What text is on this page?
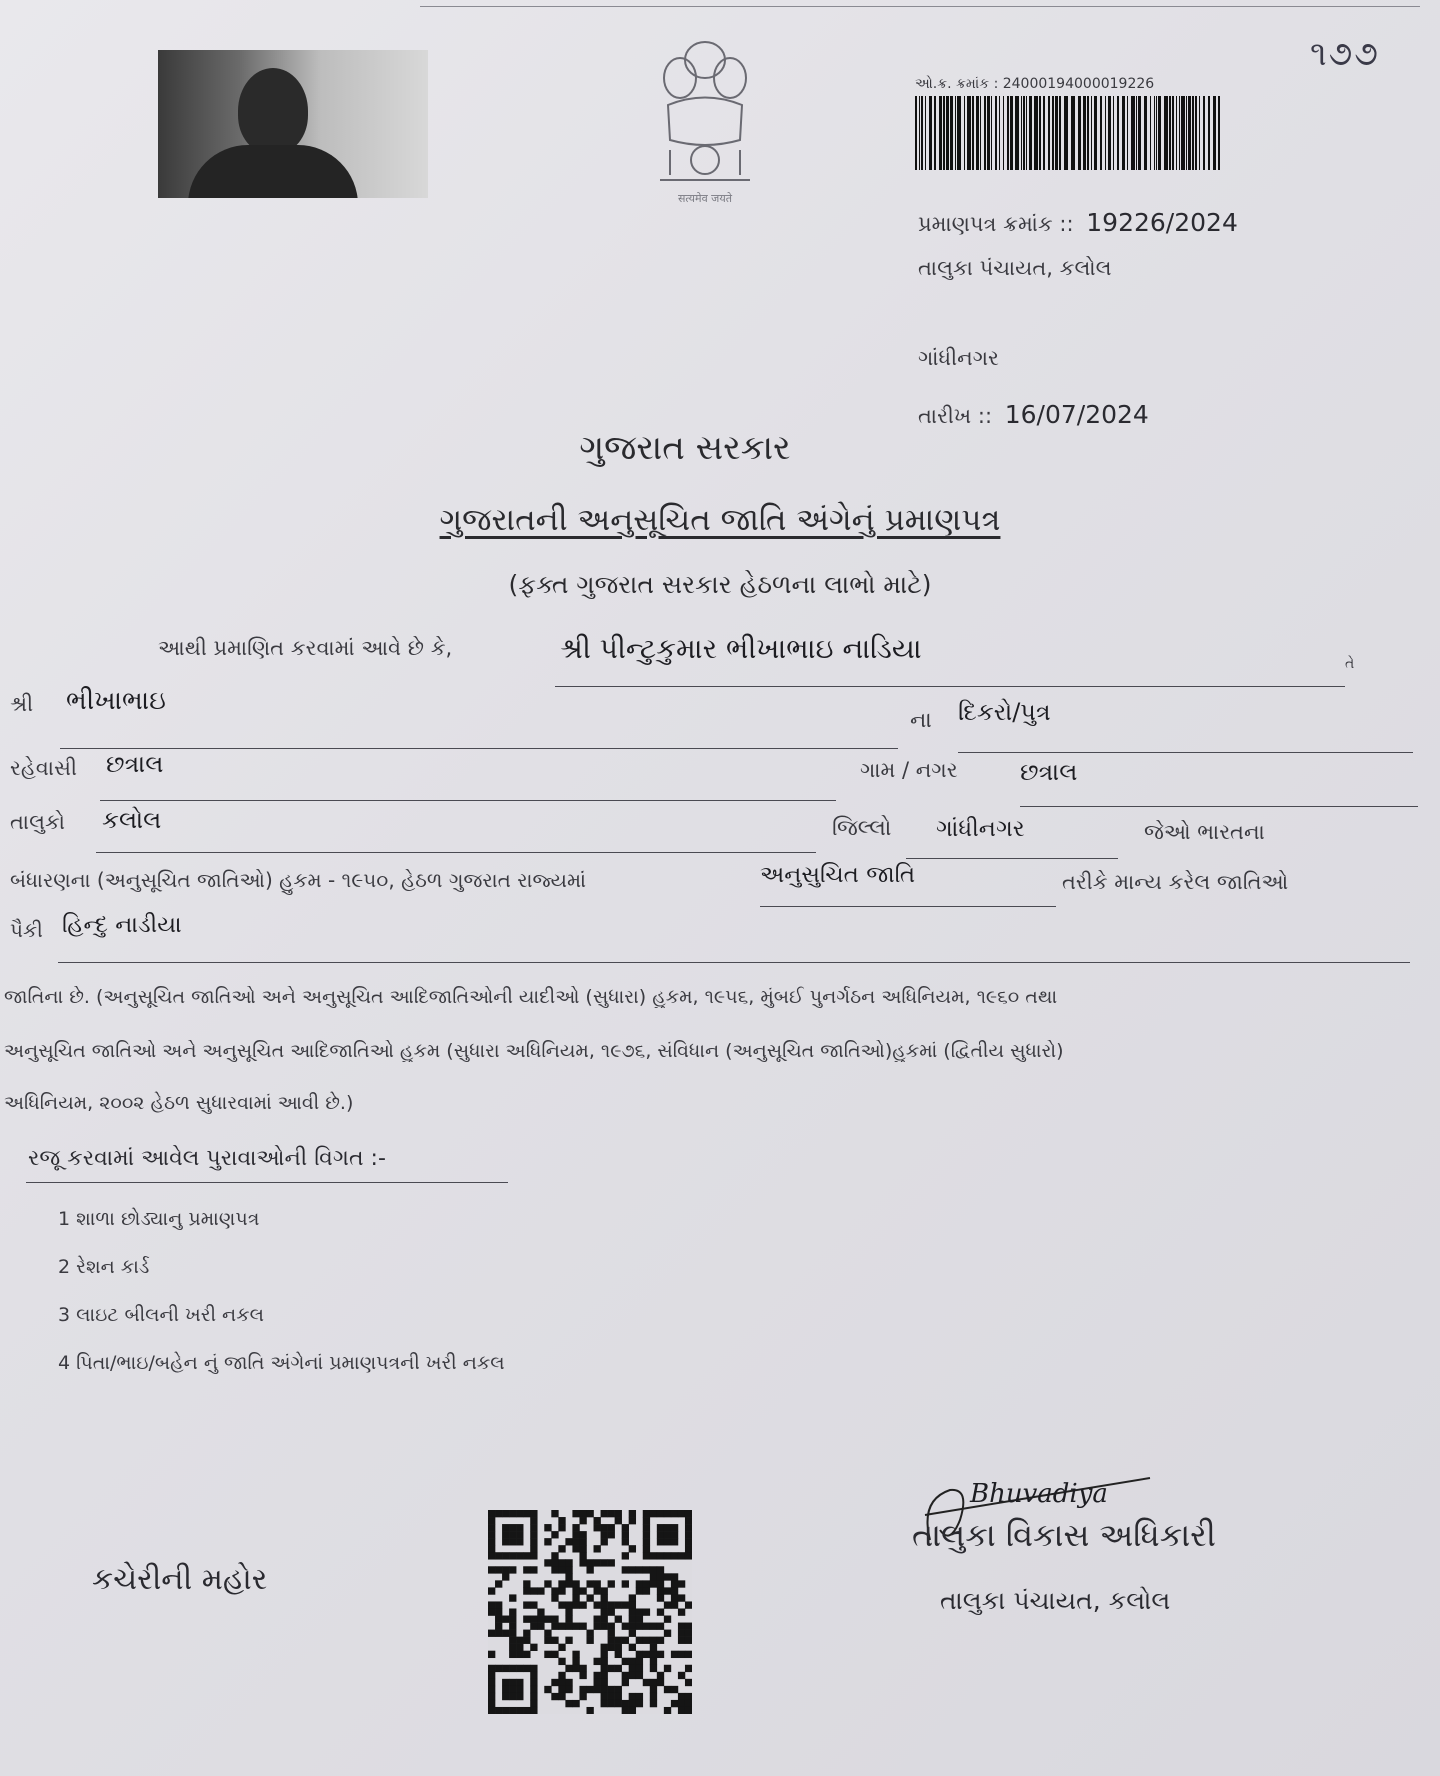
सत्यमेव जयते
ઓ.ક્ર. ક્રમાંક : 24000194000019226
૧૭૭
પ્રમાણપત્ર ક્રમાંક :: 19226/2024
તાલુકા પંચાયત, કલોલ
ગાંધીનગર
તારીખ :: 16/07/2024
ગુજરાત સરકાર
ગુજરાતની અનુસૂચિત જાતિ અંગેનું પ્રમાણપત્ર
(ફક્ત ગુજરાત સરકાર હેઠળના લાભો માટે)
આથી પ્રમાણિત કરવામાં આવે છે કે,	શ્રી પીન્ટુકુમાર ભીખાભાઇ નાડિયા	તે
શ્રી ભીખાભાઇ
ના દિકરો/પુત્ર
રહેવાસી છત્રાલ	ગામ / નગર	છત્રાલ
તાલુકો કલોલ	જિલ્લો ગાંધીનગર	જેઓ ભારતના
બંધારણના (અનુસૂચિત જાતિઓ) હુકમ - ૧૯૫૦, હેઠળ ગુજરાત રાજ્યમાં	અનુસુચિત જાતિ	તરીકે માન્ય કરેલ જાતિઓ
પૈકી હિન્દુ નાડીયા
જાતિના છે. (અનુસૂચિત જાતિઓ અને અનુસૂચિત આદિજાતિઓની યાદીઓ (સુધારા) હુકમ, ૧૯૫૬, મુંબઈ પુનર્ગઠન અધિનિયમ, ૧૯૬૦ તથા
અનુસૂચિત જાતિઓ અને અનુસૂચિત આદિજાતિઓ હુકમ (સુધારા અધિનિયમ, ૧૯૭૬, સંવિધાન (અનુસૂચિત જાતિઓ)હુકમાં (દ્વિતીય સુધારો)
અધિનિયમ, ૨૦૦૨ હેઠળ સુધારવામાં આવી છે.)
રજૂ કરવામાં આવેલ પુરાવાઓની વિગત :-
1 શાળા છોડ્યાનુ પ્રમાણપત્ર
2 રેશન કાર્ડ
3 લાઇટ બીલની ખરી નકલ
4 પિતા/ભાઇ/બહેન નું જાતિ અંગેનાં પ્રમાણપત્રની ખરી નકલ
કચેરીની મહોર
Bhuvadiya
તાલુકા વિકાસ અધિકારી
તાલુકા પંચાયત, કલોલ
